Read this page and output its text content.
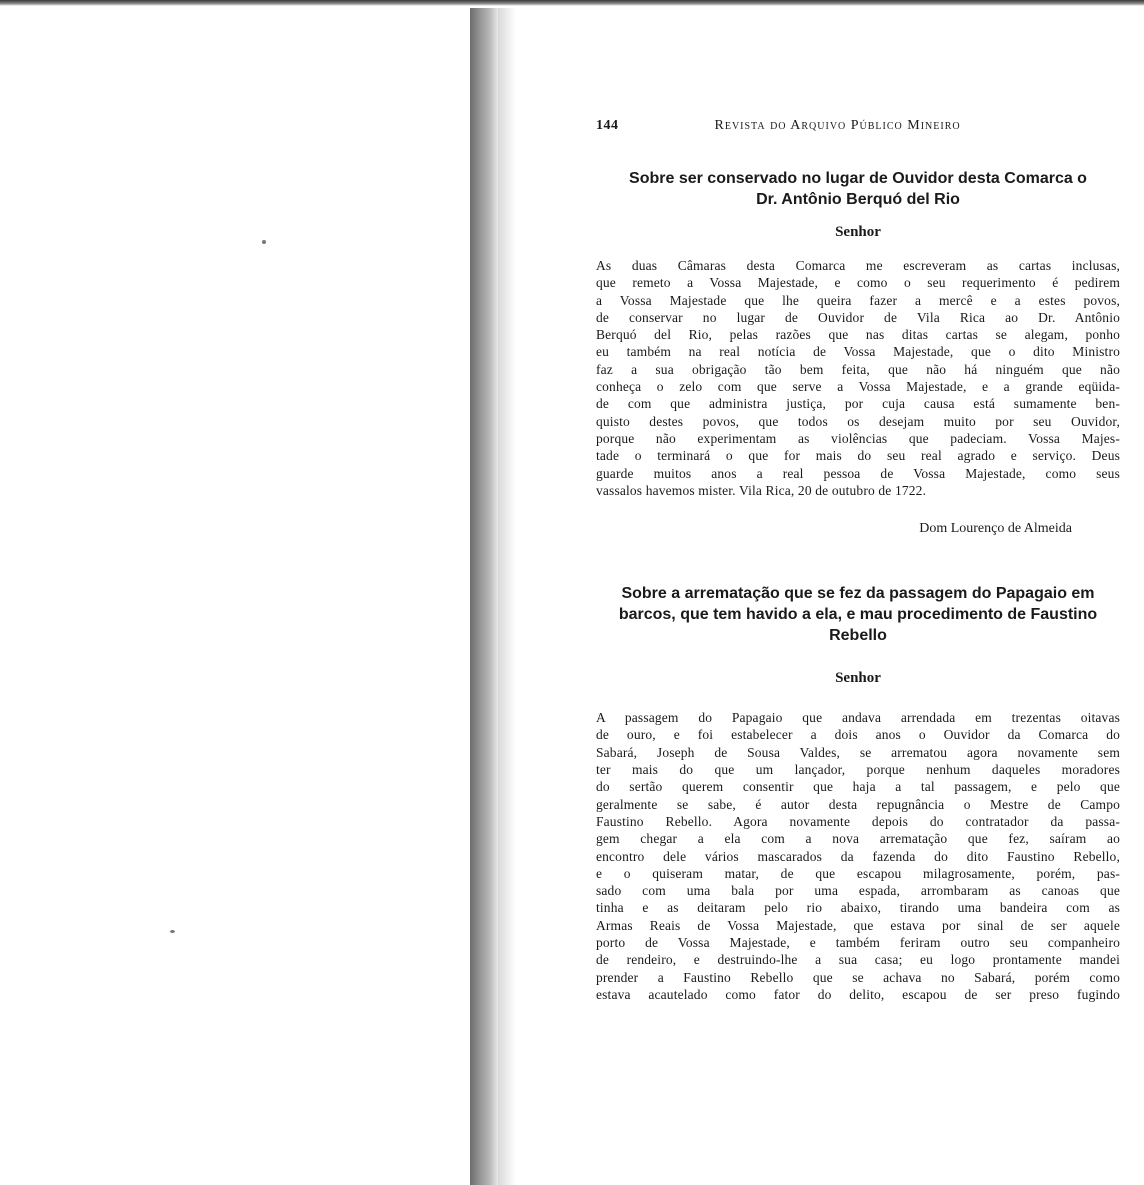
144	Revista do Arquivo Público Mineiro

Sobre ser conservado no lugar de Ouvidor desta Comarca o
Dr. Antônio Berquó del Rio

Senhor

As duas Câmaras desta Comarca me escreveram as cartas inclusas,
que remeto a Vossa Majestade, e como o seu requerimento é pedirem
a Vossa Majestade que lhe queira fazer a mercê e a estes povos,
de conservar no lugar de Ouvidor de Vila Rica ao Dr. Antônio
Berquó del Rio, pelas razões que nas ditas cartas se alegam, ponho
eu também na real notícia de Vossa Majestade, que o dito Ministro
faz a sua obrigação tão bem feita, que não há ninguém que não
conheça o zelo com que serve a Vossa Majestade, e a grande eqüida-
de com que administra justiça, por cuja causa está sumamente ben-
quisto destes povos, que todos os desejam muito por seu Ouvidor,
porque não experimentam as violências que padeciam. Vossa Majes-
tade o terminará o que for mais do seu real agrado e serviço. Deus
guarde muitos anos a real pessoa de Vossa Majestade, como seus
vassalos havemos mister. Vila Rica, 20 de outubro de 1722.

Dom Lourenço de Almeida

Sobre a arrematação que se fez da passagem do Papagaio em
barcos, que tem havido a ela, e mau procedimento de Faustino
Rebello

Senhor

A passagem do Papagaio que andava arrendada em trezentas oitavas
de ouro, e foi estabelecer a dois anos o Ouvidor da Comarca do
Sabará, Joseph de Sousa Valdes, se arrematou agora novamente sem
ter mais do que um lançador, porque nenhum daqueles moradores
do sertão querem consentir que haja a tal passagem, e pelo que
geralmente se sabe, é autor desta repugnância o Mestre de Campo
Faustino Rebello. Agora novamente depois do contratador da passa-
gem chegar a ela com a nova arrematação que fez, saíram ao
encontro dele vários mascarados da fazenda do dito Faustino Rebello,
e o quiseram matar, de que escapou milagrosamente, porém, pas-
sado com uma bala por uma espada, arrombaram as canoas que
tinha e as deitaram pelo rio abaixo, tirando uma bandeira com as
Armas Reais de Vossa Majestade, que estava por sinal de ser aquele
porto de Vossa Majestade, e também feriram outro seu companheiro
de rendeiro, e destruindo-lhe a sua casa; eu logo prontamente mandei
prender a Faustino Rebello que se achava no Sabará, porém como
estava acautelado como fator do delito, escapou de ser preso fugindo
